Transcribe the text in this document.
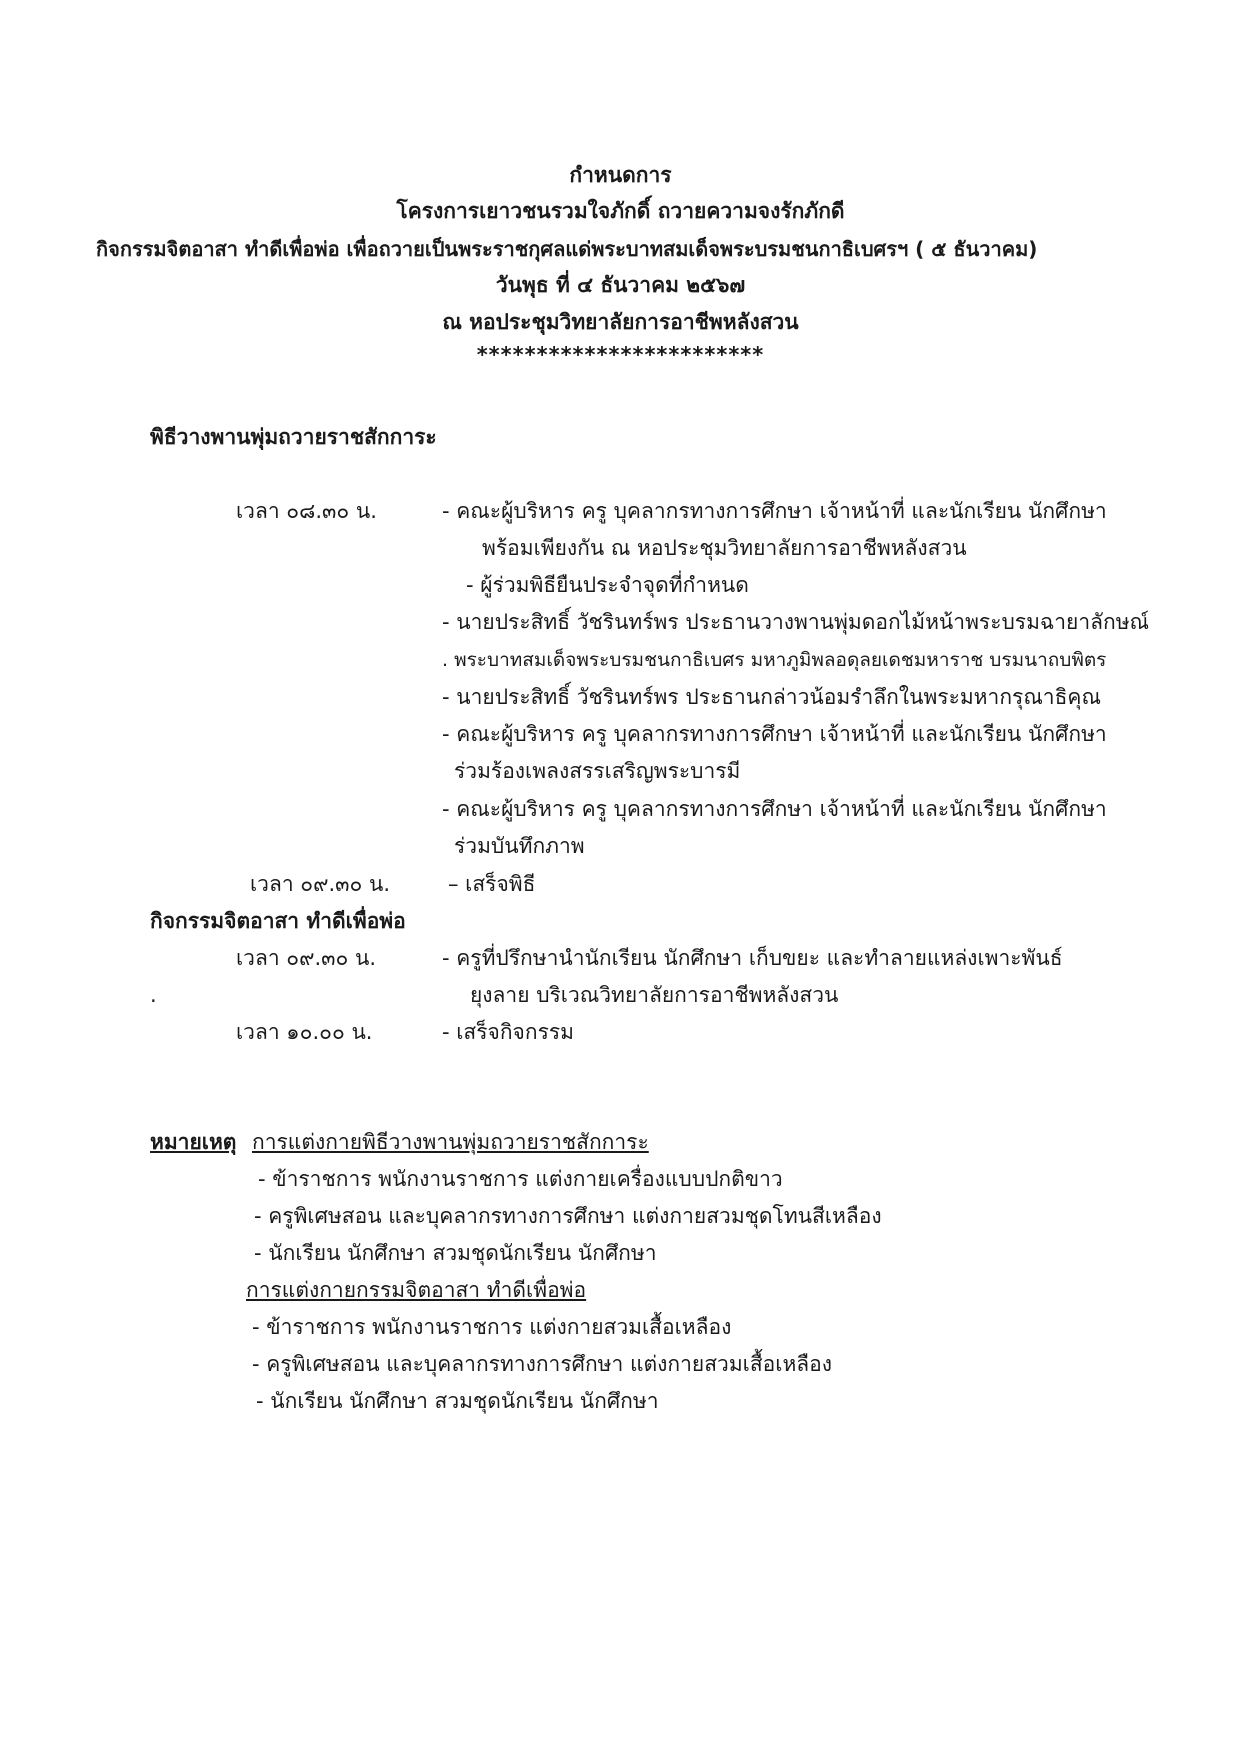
กำหนดการ
โครงการเยาวชนรวมใจภักดิ์ ถวายความจงรักภักดี
กิจกรรมจิตอาสา ทำดีเพื่อพ่อ เพื่อถวายเป็นพระราชกุศลแด่พระบาทสมเด็จพระบรมชนกาธิเบศรฯ ( ๕ ธันวาคม)
วันพุธ ที่ ๔ ธันวาคม ๒๕๖๗
ณ หอประชุมวิทยาลัยการอาชีพหลังสวน
************************
พิธีวางพานพุ่มถวายราชสักการะ
เวลา ๐๘.๓๐ น.	- คณะผู้บริหาร ครู บุคลากรทางการศึกษา เจ้าหน้าที่ และนักเรียน นักศึกษา
พร้อมเพียงกัน ณ หอประชุมวิทยาลัยการอาชีพหลังสวน
- ผู้ร่วมพิธียืนประจำจุดที่กำหนด
- นายประสิทธิ์ วัชรินทร์พร ประธานวางพานพุ่มดอกไม้หน้าพระบรมฉายาลักษณ์
. พระบาทสมเด็จพระบรมชนกาธิเบศร มหาภูมิพลอดุลยเดชมหาราช บรมนาถบพิตร
- นายประสิทธิ์ วัชรินทร์พร ประธานกล่าวน้อมรำลึกในพระมหากรุณาธิคุณ
- คณะผู้บริหาร ครู บุคลากรทางการศึกษา เจ้าหน้าที่ และนักเรียน นักศึกษา
ร่วมร้องเพลงสรรเสริญพระบารมี
- คณะผู้บริหาร ครู บุคลากรทางการศึกษา เจ้าหน้าที่ และนักเรียน นักศึกษา
ร่วมบันทึกภาพ
เวลา ๐๙.๓๐ น.	– เสร็จพิธี
กิจกรรมจิตอาสา ทำดีเพื่อพ่อ
เวลา ๐๙.๓๐ น.	- ครูที่ปรึกษานำนักเรียน นักศึกษา เก็บขยะ และทำลายแหล่งเพาะพันธ์
.	ยุงลาย บริเวณวิทยาลัยการอาชีพหลังสวน
เวลา ๑๐.๐๐ น.	- เสร็จกิจกรรม
หมายเหตุ การแต่งกายพิธีวางพานพุ่มถวายราชสักการะ
- ข้าราชการ พนักงานราชการ แต่งกายเครื่องแบบปกติขาว
- ครูพิเศษสอน และบุคลากรทางการศึกษา แต่งกายสวมชุดโทนสีเหลือง
- นักเรียน นักศึกษา สวมชุดนักเรียน นักศึกษา
การแต่งกายกรรมจิตอาสา ทำดีเพื่อพ่อ
- ข้าราชการ พนักงานราชการ แต่งกายสวมเสื้อเหลือง
- ครูพิเศษสอน และบุคลากรทางการศึกษา แต่งกายสวมเสื้อเหลือง
- นักเรียน นักศึกษา สวมชุดนักเรียน นักศึกษา
